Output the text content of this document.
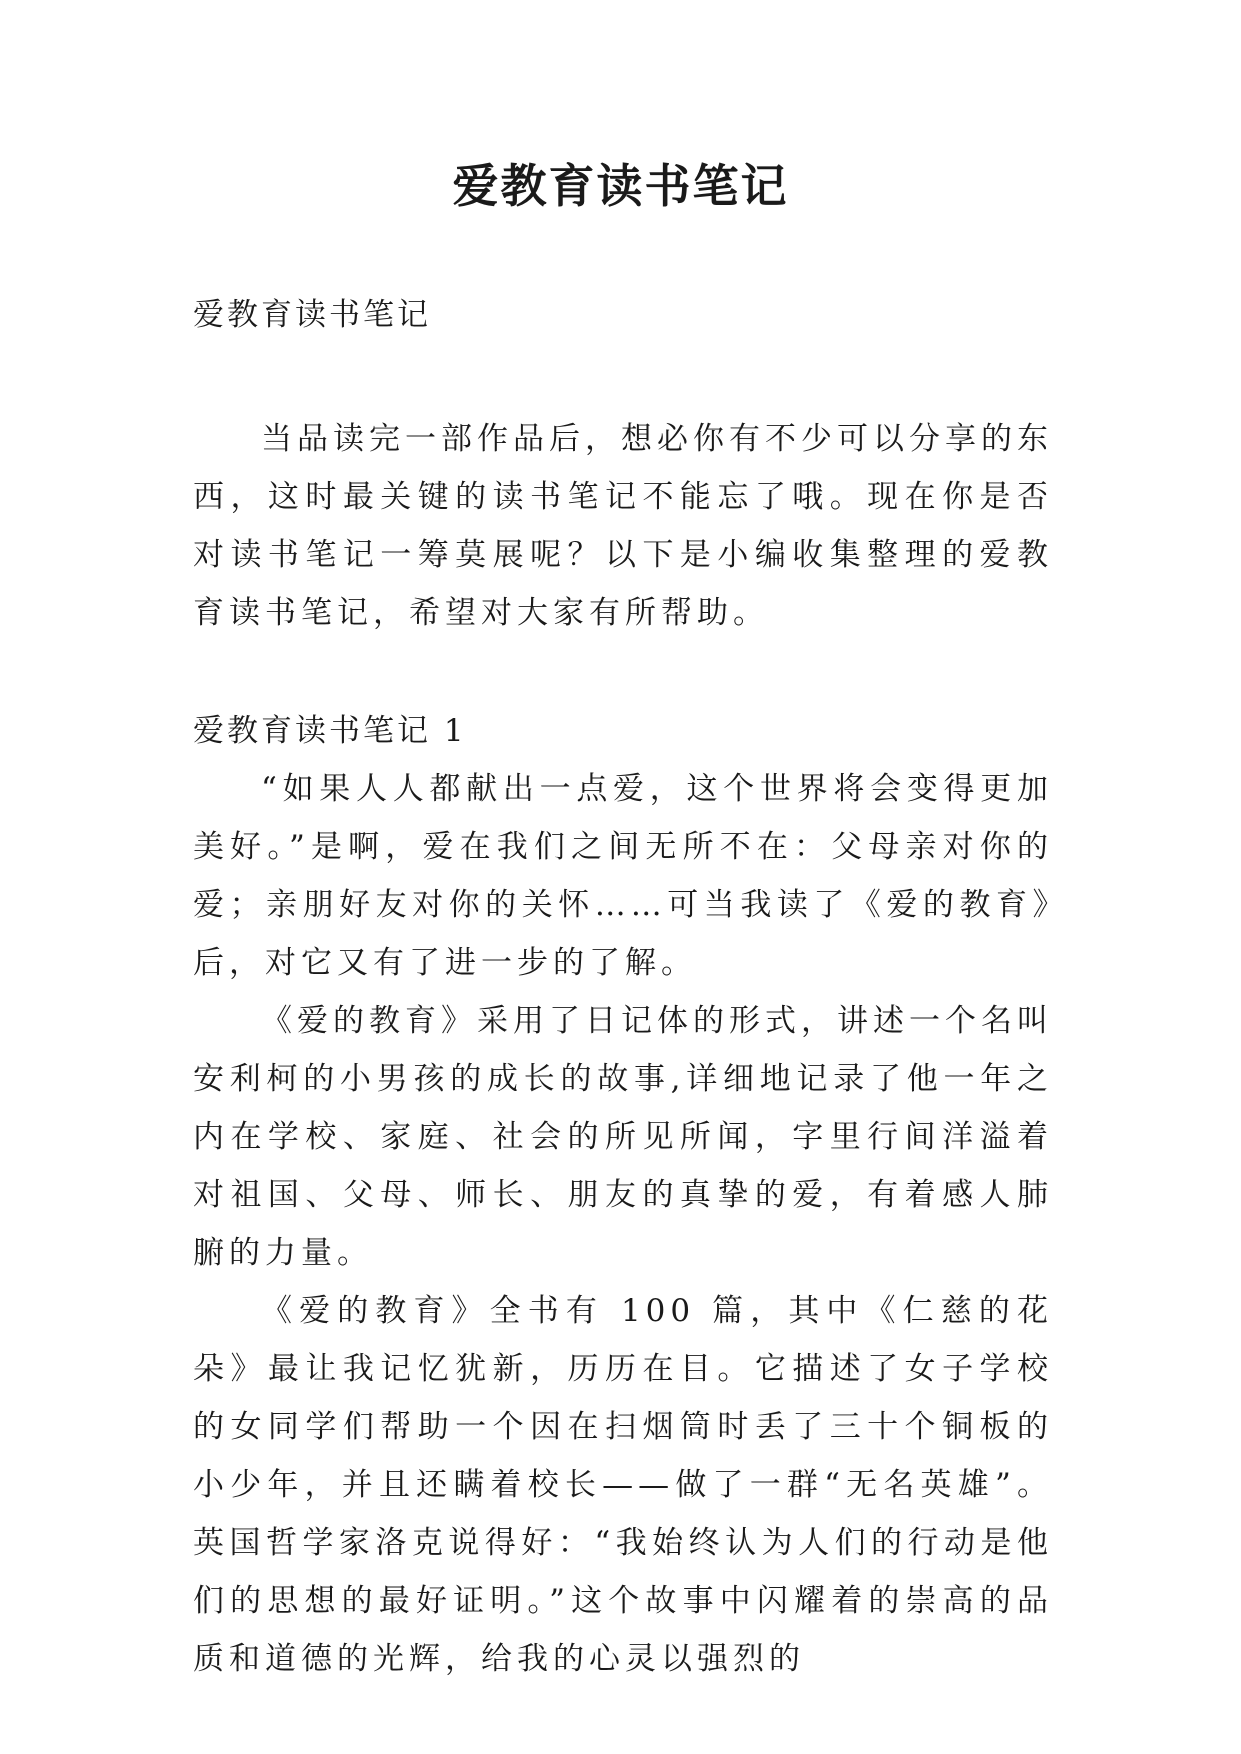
爱教育读书笔记

爱教育读书笔记

当品读完一部作品后，想必你有不少可以分享的东西，这时最关键的读书笔记不能忘了哦。现在你是否对读书笔记一筹莫展呢？以下是小编收集整理的爱教育读书笔记，希望对大家有所帮助。

爱教育读书笔记 1

“如果人人都献出一点爱，这个世界将会变得更加美好。”是啊，爱在我们之间无所不在：父母亲对你的爱；亲朋好友对你的关怀……可当我读了《爱的教育》后，对它又有了进一步的了解。

《爱的教育》采用了日记体的形式，讲述一个名叫安利柯的小男孩的成长的故事,详细地记录了他一年之内在学校、家庭、社会的所见所闻，字里行间洋溢着对祖国、父母、师长、朋友的真挚的爱，有着感人肺腑的力量。

《爱的教育》全书有 100 篇，其中《仁慈的花朵》最让我记忆犹新，历历在目。它描述了女子学校的女同学们帮助一个因在扫烟筒时丢了三十个铜板的小少年，并且还瞒着校长——做了一群“无名英雄”。英国哲学家洛克说得好：“我始终认为人们的行动是他们的思想的最好证明。”这个故事中闪耀着的崇高的品质和道德的光辉，给我的心灵以强烈的
